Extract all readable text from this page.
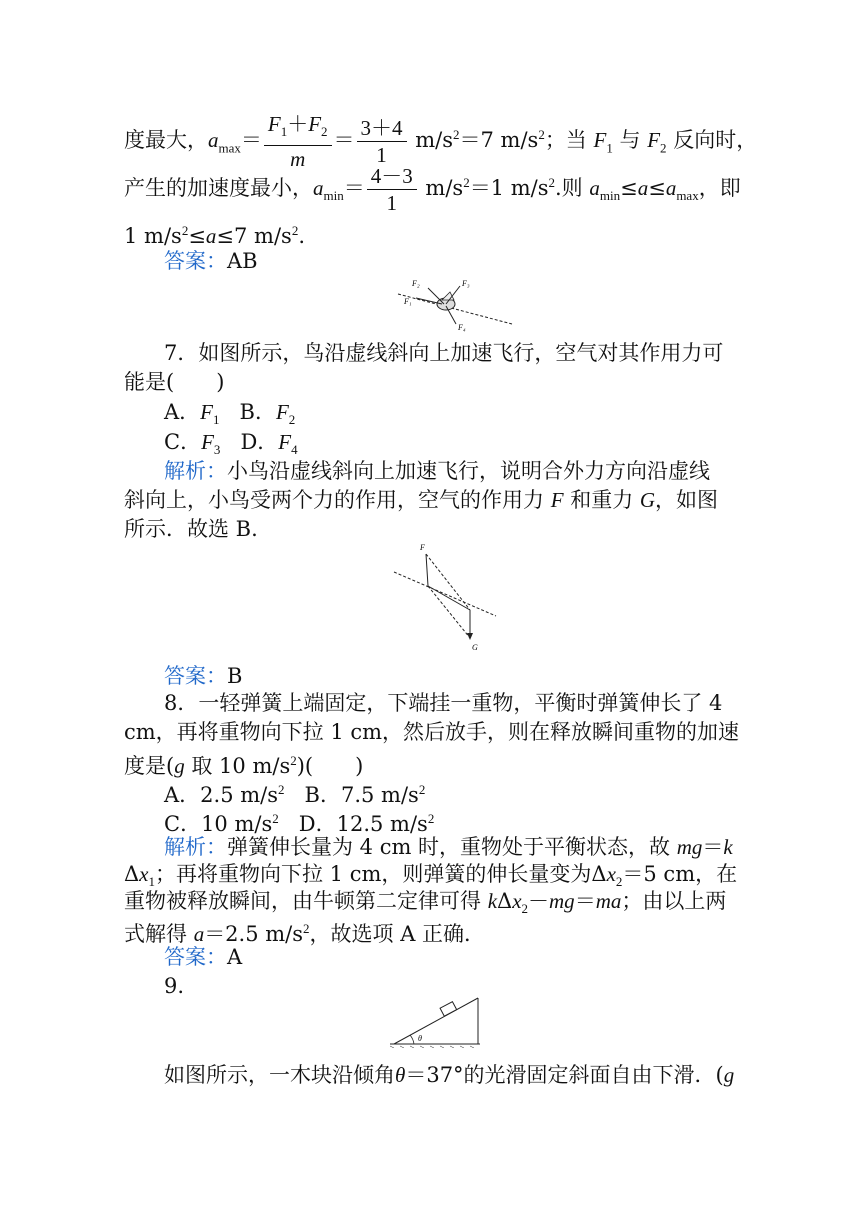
度最大，$a_{max}= \frac{F_1+F_2}{m} = \frac{3+4}{1} m/s^2=7$ $m/s^2$；当 $F_1$ 与 $F_2$ 反向时，
产生的加速度最小，$a_{min}= \frac{4-3}{1} m/s^2=1$ $m/s^2$.则 $a_{min}\le a\le a_{max}$，即
1 $m/s^2\le a\le 7$ $m/s^2$.
答案：AB
F₂	F₃
F₁
F₄
7．如图所示，鸟沿虚线斜向上加速飞行，空气对其作用力可
能是(　　)
A．$F_1$ B．$F_2$
C．$F_3$ D．$F_4$
解析：小鸟沿虚线斜向上加速飞行，说明合外力方向沿虚线
斜向上，小鸟受两个力的作用，空气的作用力 F 和重力 G，如图
所示．故选 B.
F
G
答案：B
8．一轻弹簧上端固定，下端挂一重物，平衡时弹簧伸长了 4
cm，再将重物向下拉 1 cm，然后放手，则在释放瞬间重物的加速
度是(g 取 10 $m/s^2$)(　　)
A．2.5 $m/s^2$ B．7.5 $m/s^2$
C．10 $m/s^2$ D．12.5 $m/s^2$
解析：弹簧伸长量为 4 cm 时，重物处于平衡状态，故 mg＝k
$\Delta x_1$；再将重物向下拉 1 cm，则弹簧的伸长量变为$\Delta x_2=5$ cm，在
重物被释放瞬间，由牛顿第二定律可得 kΔx$_2$－mg＝ma；由以上两
式解得 a＝2.5 $m/s^2$，故选项 A 正确．
答案：A
9.
θ
如图所示，一木块沿倾角θ＝37°的光滑固定斜面自由下滑．(g
